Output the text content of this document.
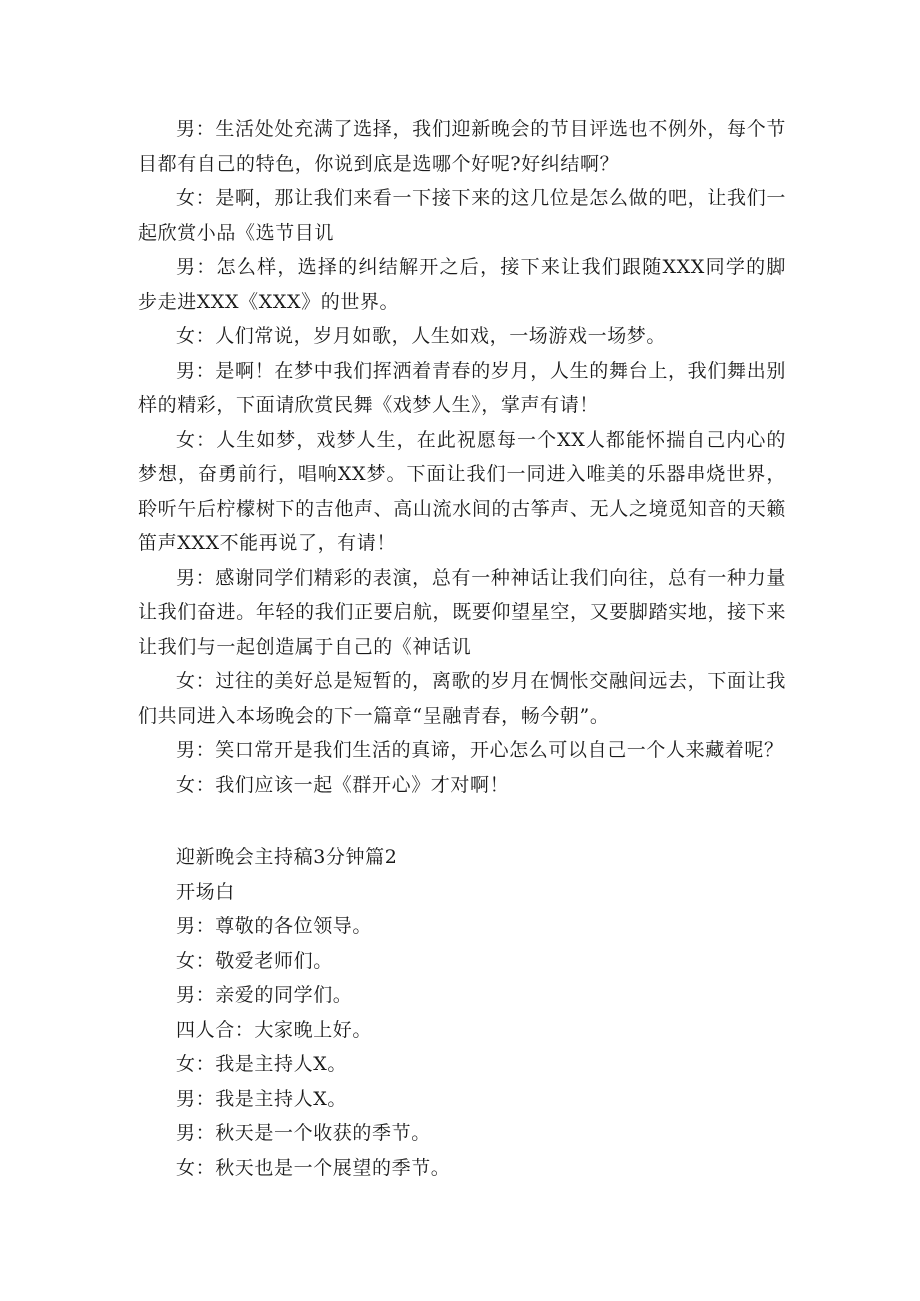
男：生活处处充满了选择，我们迎新晚会的节目评选也不例外，每个节目都有自己的特色，你说到底是选哪个好呢?好纠结啊？

女：是啊，那让我们来看一下接下来的这几位是怎么做的吧，让我们一起欣赏小品《选节目讥

男：怎么样，选择的纠结解开之后，接下来让我们跟随XXX同学的脚步走进XXX《XXX》的世界。

女：人们常说，岁月如歌，人生如戏，一场游戏一场梦。

男：是啊！在梦中我们挥洒着青春的岁月，人生的舞台上，我们舞出别样的精彩，下面请欣赏民舞《戏梦人生》，掌声有请！

女：人生如梦，戏梦人生，在此祝愿每一个XX人都能怀揣自己内心的梦想，奋勇前行，唱响XX梦。下面让我们一同进入唯美的乐器串烧世界，聆听午后柠檬树下的吉他声、高山流水间的古筝声、无人之境觅知音的天籁笛声XXX不能再说了，有请！

男：感谢同学们精彩的表演，总有一种神话让我们向往，总有一种力量让我们奋进。年轻的我们正要启航，既要仰望星空，又要脚踏实地，接下来让我们与一起创造属于自己的《神话讥

女：过往的美好总是短暂的，离歌的岁月在惆怅交融间远去，下面让我们共同进入本场晚会的下一篇章“呈融青春，畅今朝”。

男：笑口常开是我们生活的真谛，开心怎么可以自己一个人来藏着呢？

女：我们应该一起《群开心》才对啊！

迎新晚会主持稿3分钟篇2

开场白

男：尊敬的各位领导。

女：敬爱老师们。

男：亲爱的同学们。

四人合：大家晚上好。

女：我是主持人X。

男：我是主持人X。

男：秋天是一个收获的季节。

女：秋天也是一个展望的季节。
